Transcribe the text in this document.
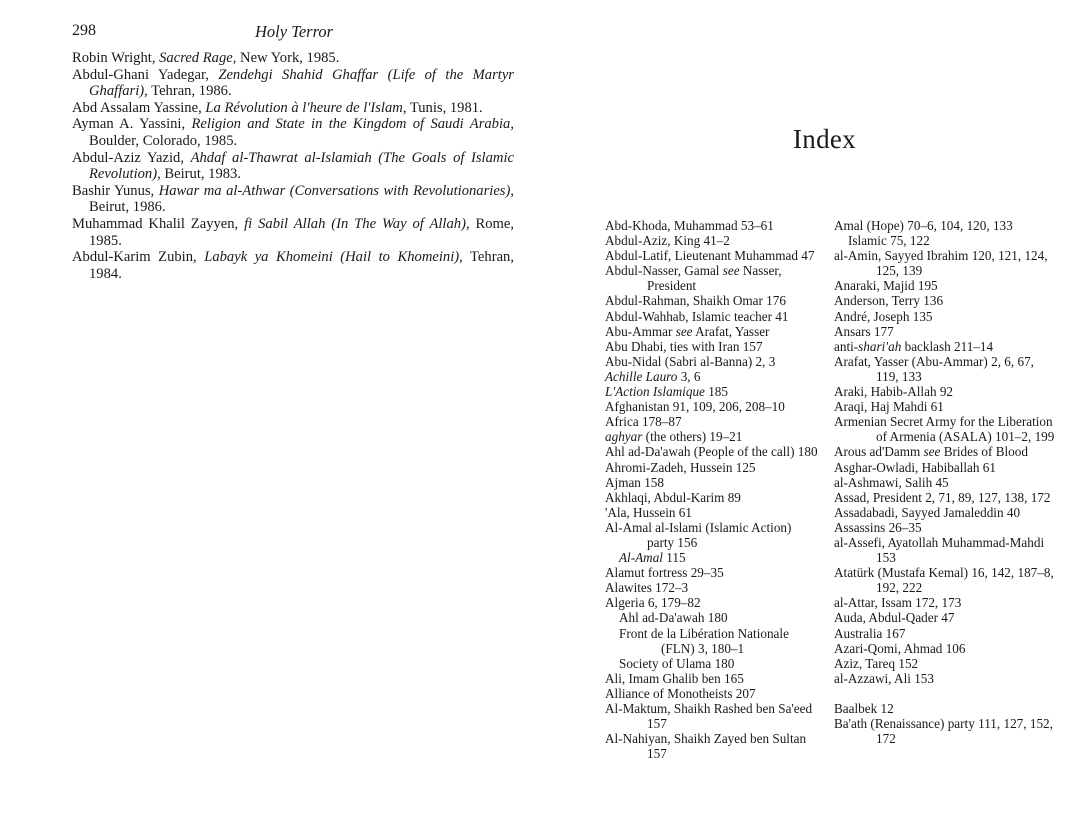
298	Holy Terror

Robin Wright, Sacred Rage, New York, 1985.

Abdul-Ghani Yadegar, Zendehgi Shahid Ghaffar (Life of the Martyr Ghaffari), Tehran, 1986.

Abd Assalam Yassine, La Révolution à l'heure de l'Islam, Tunis, 1981.

Ayman A. Yassini, Religion and State in the Kingdom of Saudi Arabia, Boulder, Colorado, 1985.

Abdul-Aziz Yazid, Ahdaf al-Thawrat al-Islamiah (The Goals of Islamic Revolution), Beirut, 1983.

Bashir Yunus, Hawar ma al-Athwar (Conversations with Revolutionaries), Beirut, 1986.

Muhammad Khalil Zayyen, fi Sabil Allah (In The Way of Allah), Rome, 1985.

Abdul-Karim Zubin, Labayk ya Khomeini (Hail to Khomeini), Tehran, 1984.

Index

Abd-Khoda, Muhammad 53–61

Abdul-Aziz, King 41–2

Abdul-Latif, Lieutenant Muhammad 47

Abdul-Nasser, Gamal see Nasser, President

Abdul-Rahman, Shaikh Omar 176

Abdul-Wahhab, Islamic teacher 41

Abu-Ammar see Arafat, Yasser

Abu Dhabi, ties with Iran 157

Abu-Nidal (Sabri al-Banna) 2, 3

Achille Lauro 3, 6

L'Action Islamique 185

Afghanistan 91, 109, 206, 208–10

Africa 178–87

aghyar (the others) 19–21

Ahl ad-Da'awah (People of the call) 180

Ahromi-Zadeh, Hussein 125

Ajman 158

Akhlaqi, Abdul-Karim 89

'Ala, Hussein 61

Al-Amal al-Islami (Islamic Action) party 156

Al-Amal 115

Alamut fortress 29–35

Alawites 172–3

Algeria 6, 179–82

Ahl ad-Da'awah 180

Front de la Libération Nationale (FLN) 3, 180–1

Society of Ulama 180

Ali, Imam Ghalib ben 165

Alliance of Monotheists 207

Al-Maktum, Shaikh Rashed ben Sa'eed 157

Al-Nahiyan, Shaikh Zayed ben Sultan 157

Amal (Hope) 70–6, 104, 120, 133

Islamic 75, 122

al-Amin, Sayyed Ibrahim 120, 121, 124, 125, 139

Anaraki, Majid 195

Anderson, Terry 136

André, Joseph 135

Ansars 177

anti-shari'ah backlash 211–14

Arafat, Yasser (Abu-Ammar) 2, 6, 67, 119, 133

Araki, Habib-Allah 92

Araqi, Haj Mahdi 61

Armenian Secret Army for the Liberation of Armenia (ASALA) 101–2, 199

Arous ad'Damm see Brides of Blood

Asghar-Owladi, Habiballah 61

al-Ashmawi, Salih 45

Assad, President 2, 71, 89, 127, 138, 172

Assadabadi, Sayyed Jamaleddin 40

Assassins 26–35

al-Assefi, Ayatollah Muhammad-Mahdi 153

Atatürk (Mustafa Kemal) 16, 142, 187–8, 192, 222

al-Attar, Issam 172, 173

Auda, Abdul-Qader 47

Australia 167

Azari-Qomi, Ahmad 106

Aziz, Tareq 152

al-Azzawi, Ali 153

Baalbek 12

Ba'ath (Renaissance) party 111, 127, 152, 172
